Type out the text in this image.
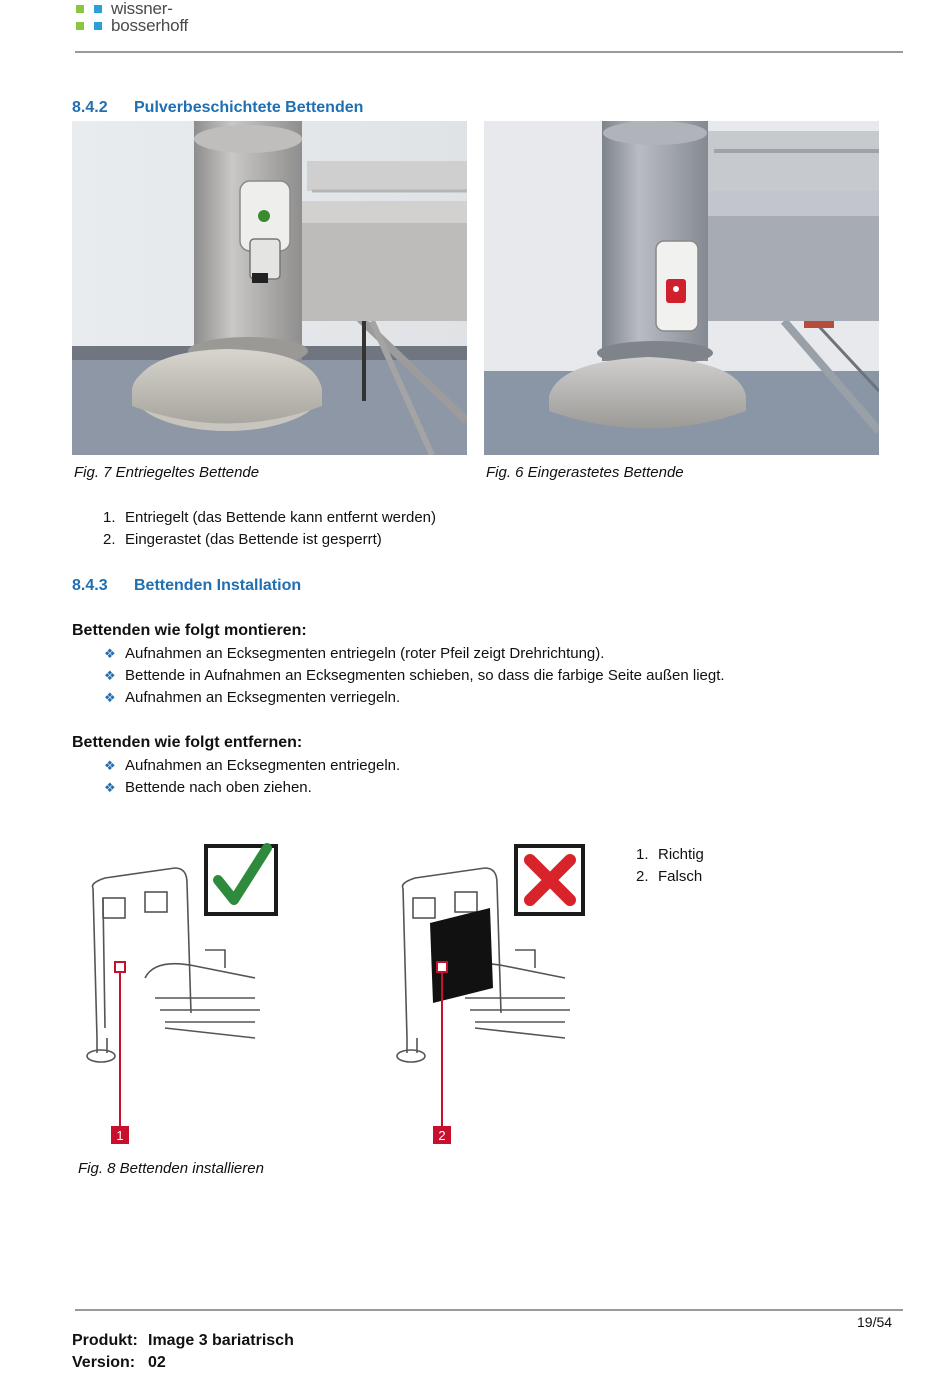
wissner-
bosserhoff
8.4.2 Pulverbeschichtete Bettenden
Fig. 7 Entriegeltes Bettende	Fig. 6 Eingerastetes Bettende
1. Entriegelt (das Bettende kann entfernt werden)
2. Eingerastet (das Bettende ist gesperrt)
8.4.3 Bettenden Installation
Bettenden wie folgt montieren:
❖ Aufnahmen an Ecksegmenten entriegeln (roter Pfeil zeigt Drehrichtung).
❖ Bettende in Aufnahmen an Ecksegmenten schieben, so dass die farbige Seite außen liegt.
❖ Aufnahmen an Ecksegmenten verriegeln.
Bettenden wie folgt entfernen:
❖ Aufnahmen an Ecksegmenten entriegeln.
❖ Bettende nach oben ziehen.
1	2
1. Richtig
2. Falsch
Fig. 8 Bettenden installieren
19/54
Produkt: Image 3 bariatrisch
Version: 02
